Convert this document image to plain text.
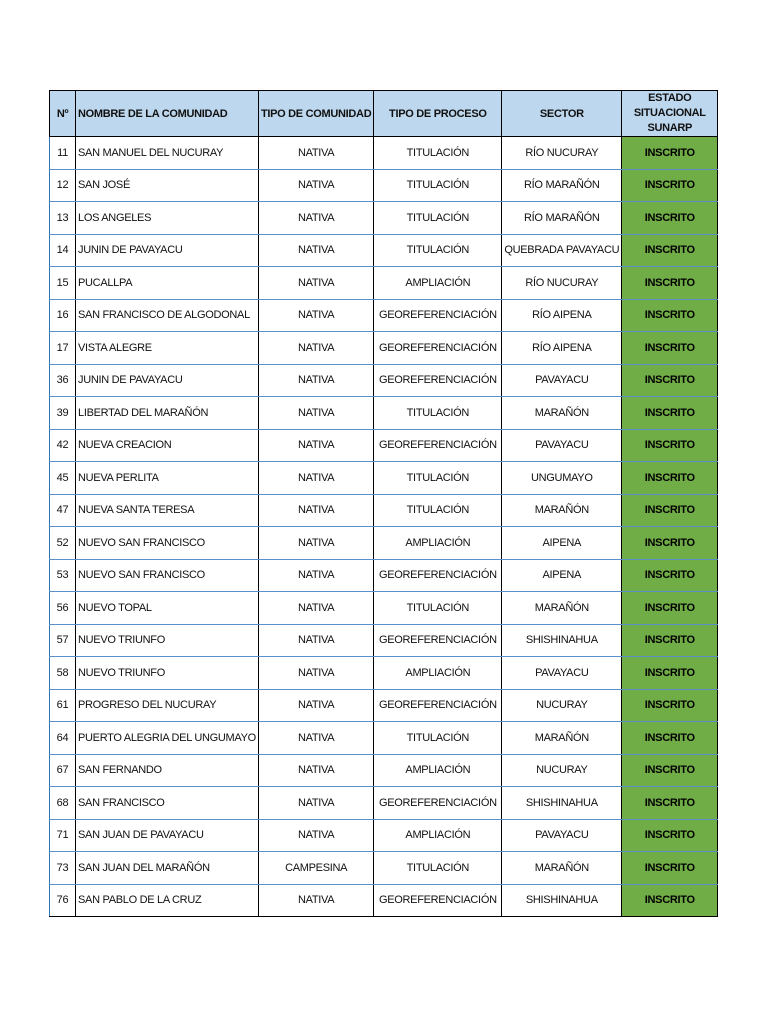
Nº	NOMBRE DE LA COMUNIDAD	TIPO DE COMUNIDAD	TIPO DE PROCESO	SECTOR	ESTADO SITUACIONAL
SUNARP
11	SAN MANUEL DEL NUCURAY	NATIVA	TITULACIÓN	RÍO NUCURAY	INSCRITO
12	SAN JOSÉ	NATIVA	TITULACIÓN	RÍO MARAÑÓN	INSCRITO
13	LOS ANGELES	NATIVA	TITULACIÓN	RÍO MARAÑÓN	INSCRITO
14	JUNIN DE PAVAYACU	NATIVA	TITULACIÓN	QUEBRADA PAVAYACU	INSCRITO
15	PUCALLPA	NATIVA	AMPLIACIÓN	RÍO NUCURAY	INSCRITO
16	SAN FRANCISCO DE ALGODONAL	NATIVA	GEOREFERENCIACIÓN	RÍO AIPENA	INSCRITO
17	VISTA ALEGRE	NATIVA	GEOREFERENCIACIÓN	RÍO AIPENA	INSCRITO
36	JUNIN DE PAVAYACU	NATIVA	GEOREFERENCIACIÓN	PAVAYACU	INSCRITO
39	LIBERTAD DEL MARAÑÓN	NATIVA	TITULACIÓN	MARAÑÓN	INSCRITO
42	NUEVA CREACION	NATIVA	GEOREFERENCIACIÓN	PAVAYACU	INSCRITO
45	NUEVA PERLITA	NATIVA	TITULACIÓN	UNGUMAYO	INSCRITO
47	NUEVA SANTA TERESA	NATIVA	TITULACIÓN	MARAÑÓN	INSCRITO
52	NUEVO SAN FRANCISCO	NATIVA	AMPLIACIÓN	AIPENA	INSCRITO
53	NUEVO SAN FRANCISCO	NATIVA	GEOREFERENCIACIÓN	AIPENA	INSCRITO
56	NUEVO TOPAL	NATIVA	TITULACIÓN	MARAÑÓN	INSCRITO
57	NUEVO TRIUNFO	NATIVA	GEOREFERENCIACIÓN	SHISHINAHUA	INSCRITO
58	NUEVO TRIUNFO	NATIVA	AMPLIACIÓN	PAVAYACU	INSCRITO
61	PROGRESO DEL NUCURAY	NATIVA	GEOREFERENCIACIÓN	NUCURAY	INSCRITO
64	PUERTO ALEGRIA DEL UNGUMAYO	NATIVA	TITULACIÓN	MARAÑÓN	INSCRITO
67	SAN FERNANDO	NATIVA	AMPLIACIÓN	NUCURAY	INSCRITO
68	SAN FRANCISCO	NATIVA	GEOREFERENCIACIÓN	SHISHINAHUA	INSCRITO
71	SAN JUAN DE PAVAYACU	NATIVA	AMPLIACIÓN	PAVAYACU	INSCRITO
73	SAN JUAN DEL MARAÑÓN	CAMPESINA	TITULACIÓN	MARAÑÓN	INSCRITO
76	SAN PABLO DE LA CRUZ	NATIVA	GEOREFERENCIACIÓN	SHISHINAHUA	INSCRITO
